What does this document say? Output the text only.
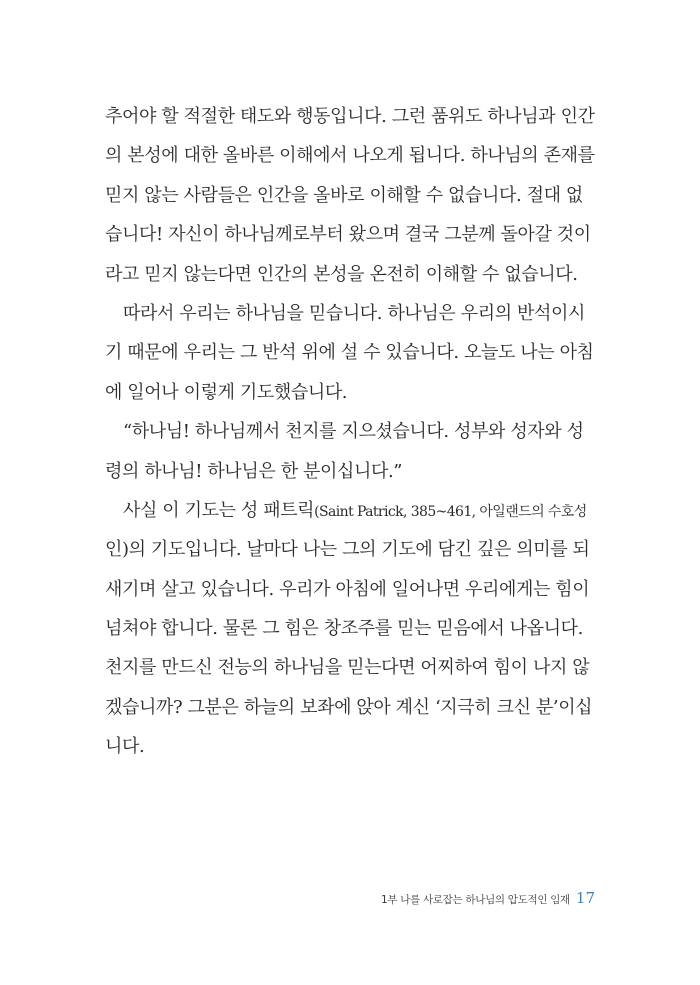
추어야 할 적절한 태도와 행동입니다. 그런 품위도 하나님과 인간
의 본성에 대한 올바른 이해에서 나오게 됩니다. 하나님의 존재를
믿지 않는 사람들은 인간을 올바로 이해할 수 없습니다. 절대 없
습니다! 자신이 하나님께로부터 왔으며 결국 그분께 돌아갈 것이
라고 믿지 않는다면 인간의 본성을 온전히 이해할 수 없습니다.
따라서 우리는 하나님을 믿습니다. 하나님은 우리의 반석이시
기 때문에 우리는 그 반석 위에 설 수 있습니다. 오늘도 나는 아침
에 일어나 이렇게 기도했습니다.
“하나님! 하나님께서 천지를 지으셨습니다. 성부와 성자와 성
령의 하나님! 하나님은 한 분이십니다.”
사실 이 기도는 성 패트릭(Saint Patrick, 385~461, 아일랜드의 수호성
인)의 기도입니다. 날마다 나는 그의 기도에 담긴 깊은 의미를 되
새기며 살고 있습니다. 우리가 아침에 일어나면 우리에게는 힘이
넘쳐야 합니다. 물론 그 힘은 창조주를 믿는 믿음에서 나옵니다.
천지를 만드신 전능의 하나님을 믿는다면 어찌하여 힘이 나지 않
겠습니까? 그분은 하늘의 보좌에 앉아 계신 ‘지극히 크신 분’이십
니다.
1부 나를 사로잡는 하나님의 압도적인 임재 17
